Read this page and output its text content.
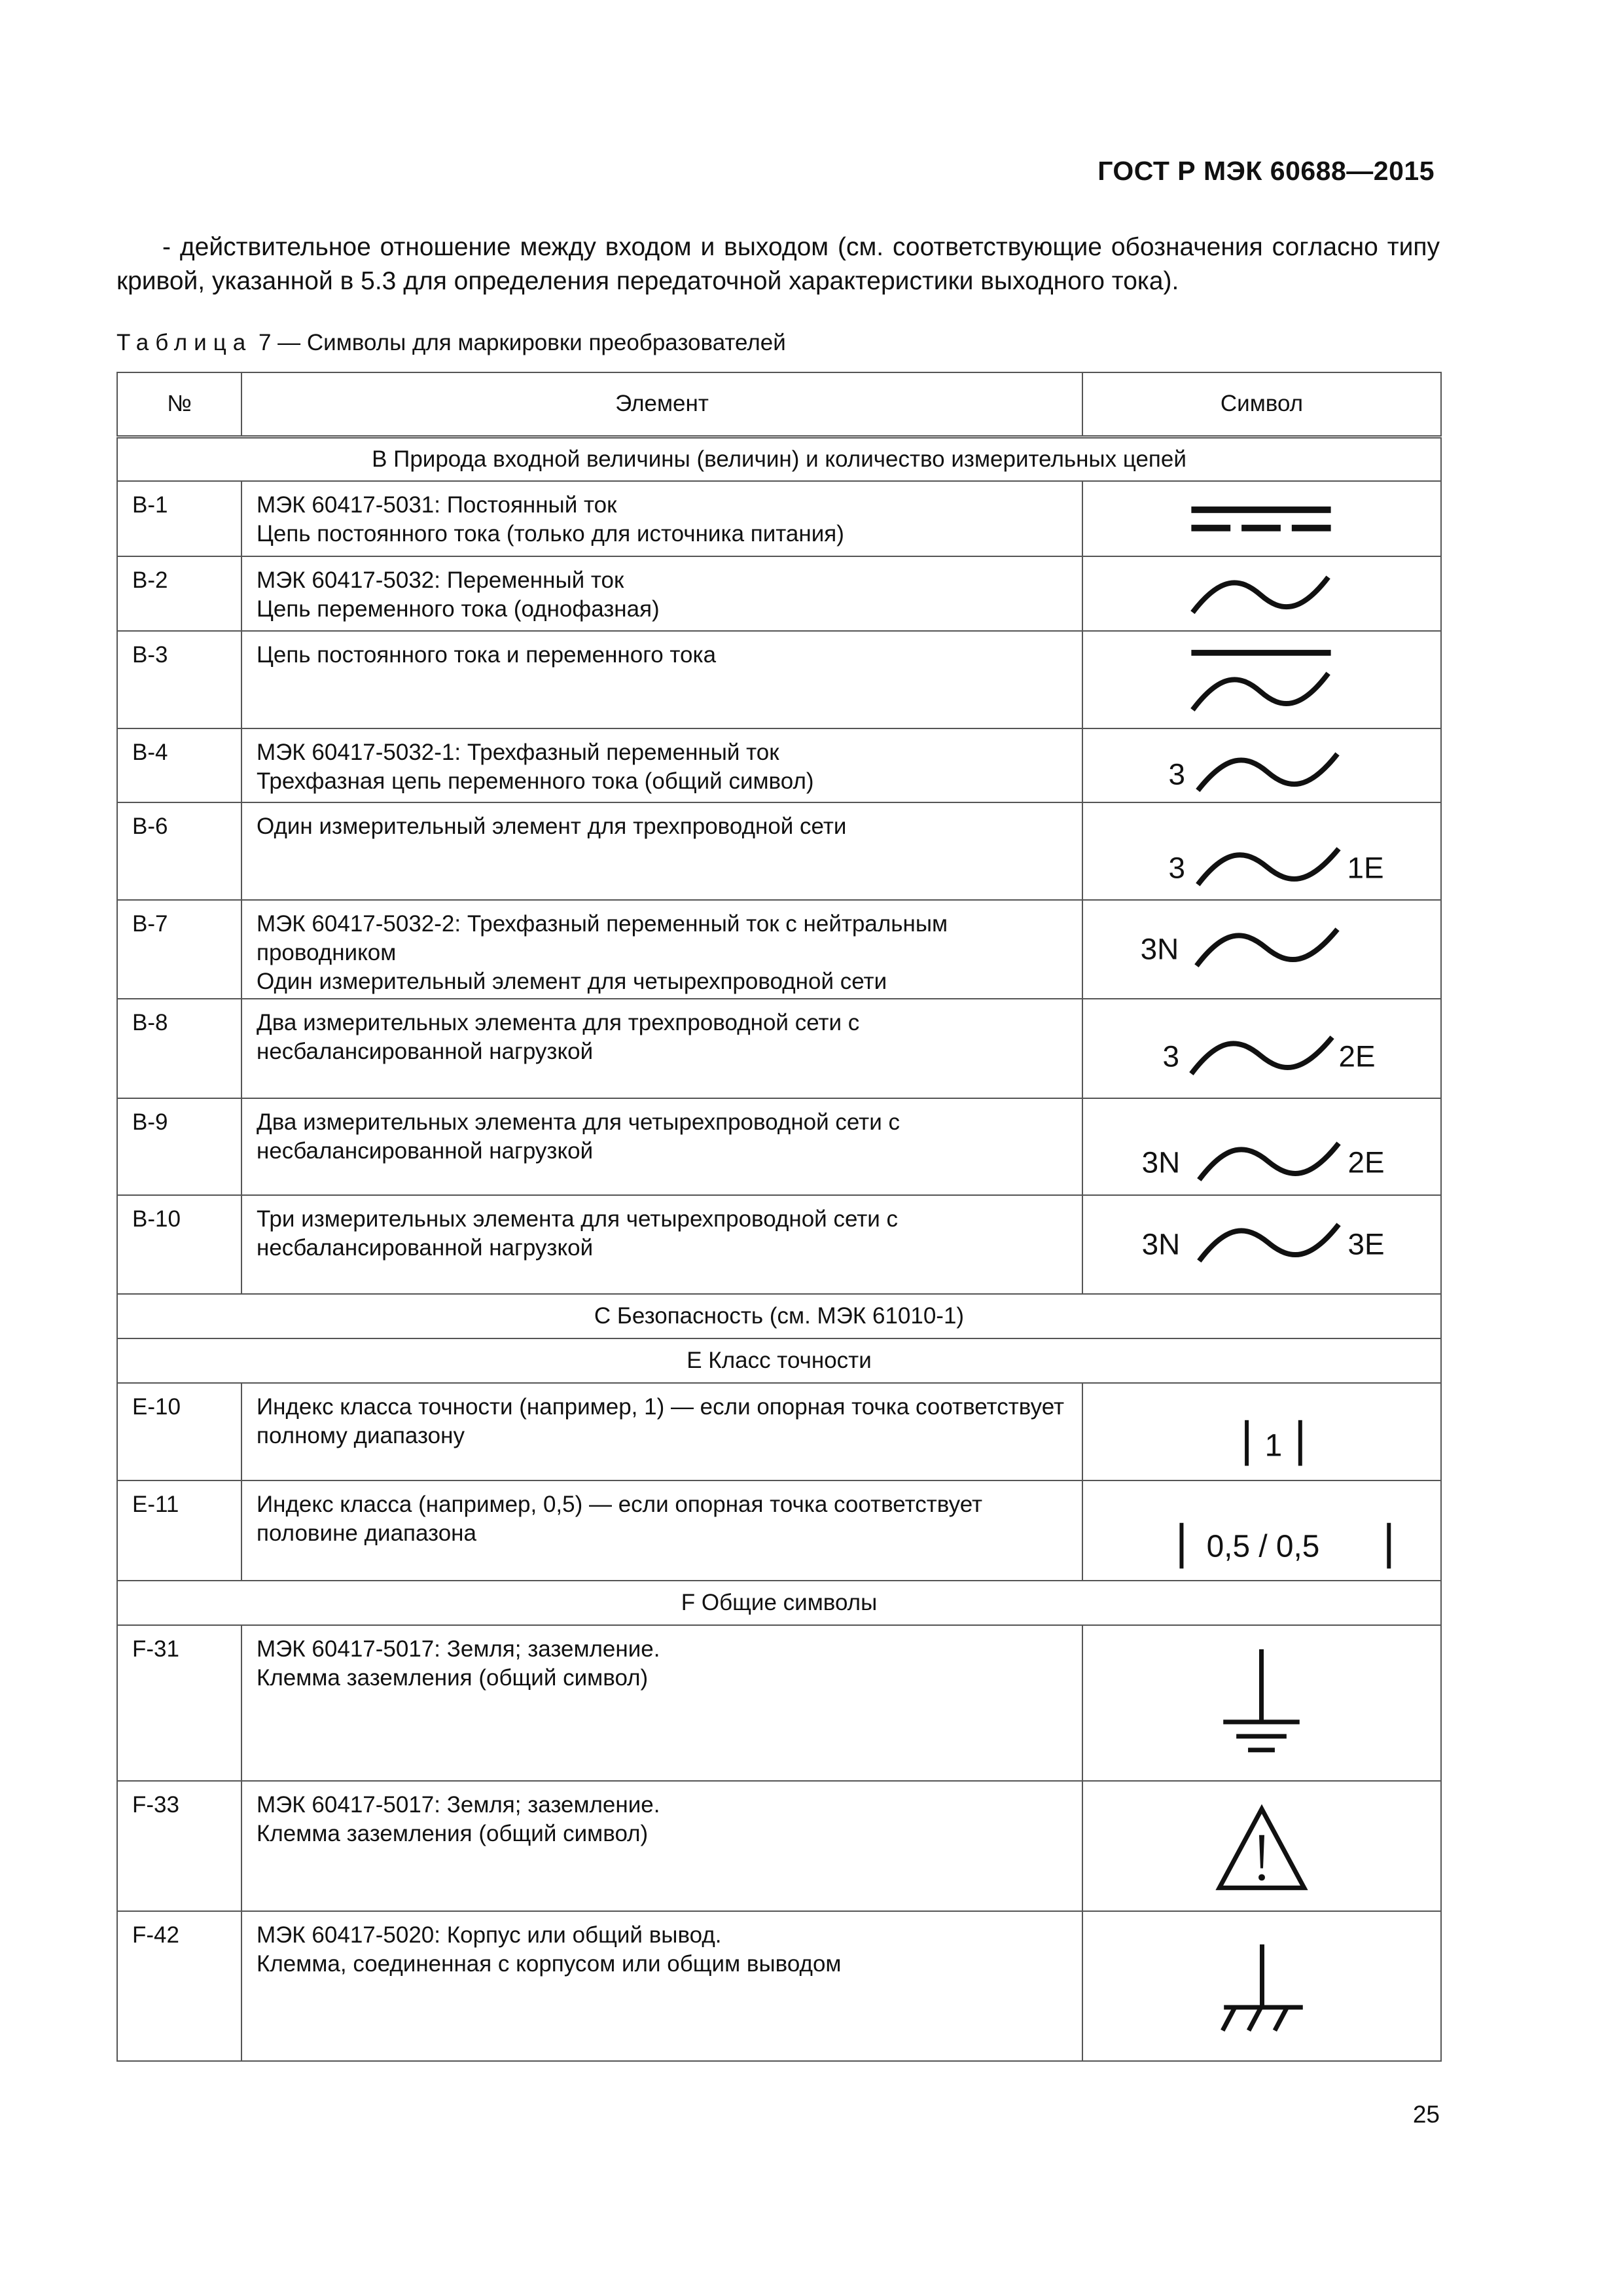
ГОСТ Р МЭК 60688—2015
- действительное отношение между входом и выходом (см. соответствующие обозначения согласно типу кривой, указанной в 5.3 для определения передаточной характеристики выходного тока).
Таблица 7 — Символы для маркировки преобразователей
№	Элемент	Символ
B Природа входной величины (величин) и количество измерительных цепей		
B-1	МЭК 60417-5031: Постоянный ток
Цепь постоянного тока (только для источника питания)

B-2	МЭК 60417-5032: Переменный ток
Цепь переменного тока (однофазная)

B-3	Цепь постоянного тока и переменного тока

B-4	МЭК 60417-5032-1: Трехфазный переменный ток
Трехфазная цепь переменного тока (общий символ)	3

B-6	Один измерительный элемент для трехпроводной сети	3 1E

B-7	МЭК 60417-5032-2: Трехфазный переменный ток с нейтральным проводником
Один измерительный элемент для четырехпроводной сети	3N

B-8	Два измерительных элемента для трехпроводной сети с несбалансированной нагрузкой	3 2E

B-9	Два измерительных элемента для четырехпроводной сети с несбалансированной нагрузкой	3N 2E

B-10	Три измерительных элемента для четырехпроводной сети с несбалансированной нагрузкой	3N 3E

C Безопасность (см. МЭК 61010-1)		
E Класс точности		
E-10	Индекс класса точности (например, 1) — если опорная точка соответствует полному диапазону	1

E-11	Индекс класса (например, 0,5) — если опорная точка соответствует половине диапазона	0,5 / 0,5

F Общие символы		
F-31	МЭК 60417-5017: Земля; заземление.
Клемма заземления (общий символ)

F-33	МЭК 60417-5017: Земля; заземление.
Клемма заземления (общий символ)

F-42	МЭК 60417-5020: Корпус или общий вывод.
Клемма, соединенная с корпусом или общим выводом

25
